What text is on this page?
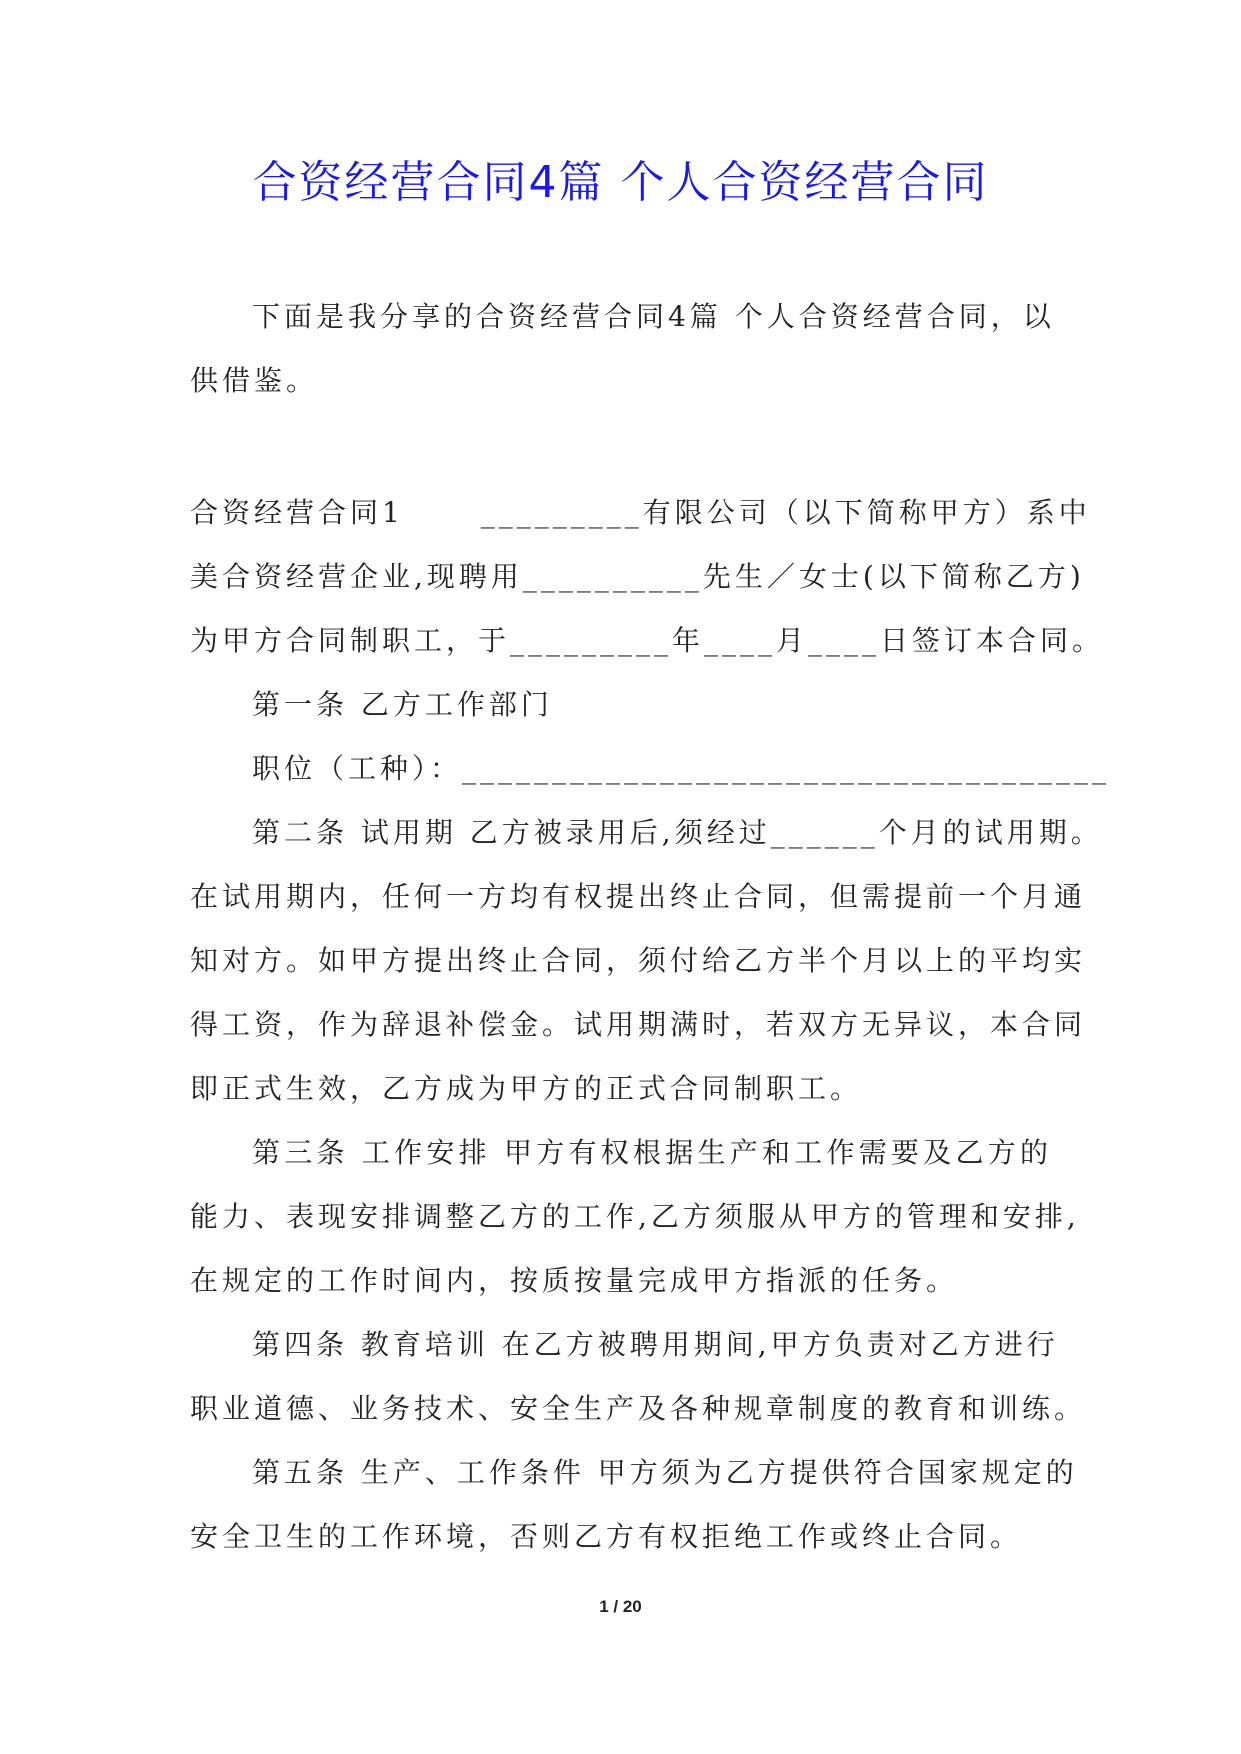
合资经营合同4篇 个人合资经营合同
下面是我分享的合资经营合同4篇 个人合资经营合同，以
供借鉴。
合资经营合同1　　 _________有限公司（以下简称甲方）系中
美合资经营企业,现聘用__________先生／女士(以下简称乙方)
为甲方合同制职工，于_________年____月____日签订本合同。
第一条 乙方工作部门
职位（工种）：____________________________________
第二条 试用期 乙方被录用后,须经过______个月的试用期。
在试用期内，任何一方均有权提出终止合同，但需提前一个月通
知对方。如甲方提出终止合同，须付给乙方半个月以上的平均实
得工资，作为辞退补偿金。试用期满时，若双方无异议，本合同
即正式生效，乙方成为甲方的正式合同制职工。
第三条 工作安排 甲方有权根据生产和工作需要及乙方的
能力、表现安排调整乙方的工作,乙方须服从甲方的管理和安排,
在规定的工作时间内，按质按量完成甲方指派的任务。
第四条 教育培训 在乙方被聘用期间,甲方负责对乙方进行
职业道德、业务技术、安全生产及各种规章制度的教育和训练。
第五条 生产、工作条件 甲方须为乙方提供符合国家规定的
安全卫生的工作环境，否则乙方有权拒绝工作或终止合同。
1 / 20
